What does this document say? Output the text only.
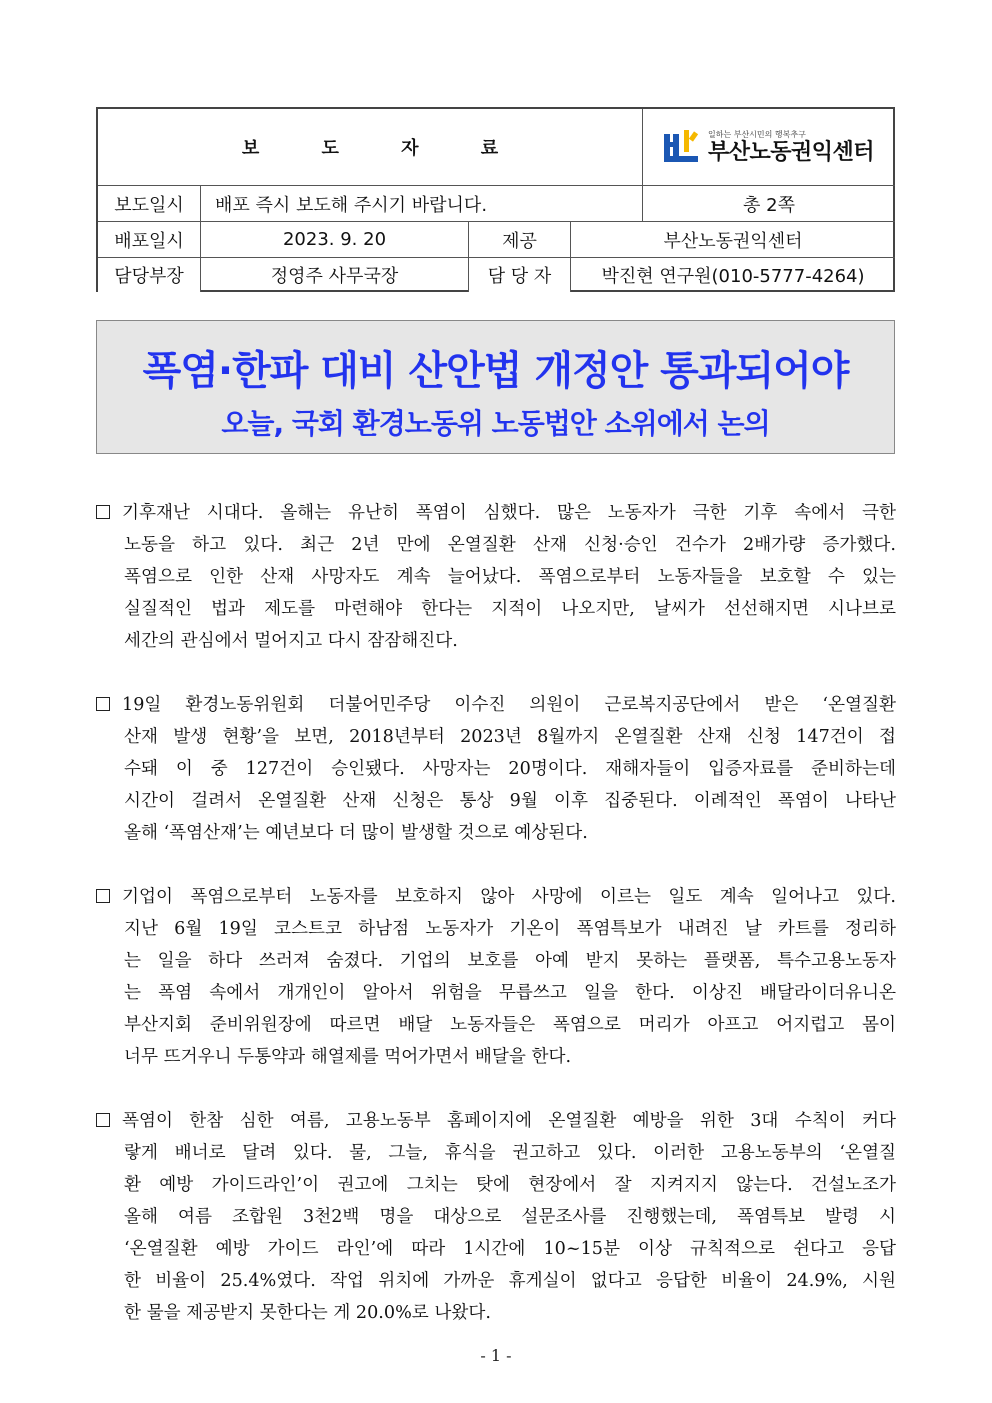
보 도 자 료
일하는 부산시민의 행복추구
부산노동권익센터
보도일시	배포 즉시 보도해 주시기 바랍니다.	총 2쪽
배포일시	2023. 9. 20	제공	부산노동권익센터
담당부장	정영주 사무국장	담 당 자	박진현 연구원(010-5777-4264)
폭염·한파 대비 산안법 개정안 통과되어야
오늘, 국회 환경노동위 노동법안 소위에서 논의
기후재난 시대다. 올해는 유난히 폭염이 심했다. 많은 노동자가 극한 기후 속에서 극한
노동을 하고 있다. 최근 2년 만에 온열질환 산재 신청·승인 건수가 2배가량 증가했다.
폭염으로 인한 산재 사망자도 계속 늘어났다. 폭염으로부터 노동자들을 보호할 수 있는
실질적인 법과 제도를 마련해야 한다는 지적이 나오지만, 날씨가 선선해지면 시나브로
세간의 관심에서 멀어지고 다시 잠잠해진다.
19일 환경노동위원회 더불어민주당 이수진 의원이 근로복지공단에서 받은 ‘온열질환
산재 발생 현황’을 보면, 2018년부터 2023년 8월까지 온열질환 산재 신청 147건이 접
수돼 이 중 127건이 승인됐다. 사망자는 20명이다. 재해자들이 입증자료를 준비하는데
시간이 걸려서 온열질환 산재 신청은 통상 9월 이후 집중된다. 이례적인 폭염이 나타난
올해 ‘폭염산재’는 예년보다 더 많이 발생할 것으로 예상된다.
기업이 폭염으로부터 노동자를 보호하지 않아 사망에 이르는 일도 계속 일어나고 있다.
지난 6월 19일 코스트코 하남점 노동자가 기온이 폭염특보가 내려진 날 카트를 정리하
는 일을 하다 쓰러져 숨졌다. 기업의 보호를 아예 받지 못하는 플랫폼, 특수고용노동자
는 폭염 속에서 개개인이 알아서 위험을 무릅쓰고 일을 한다. 이상진 배달라이더유니온
부산지회 준비위원장에 따르면 배달 노동자들은 폭염으로 머리가 아프고 어지럽고 몸이
너무 뜨거우니 두통약과 해열제를 먹어가면서 배달을 한다.
폭염이 한참 심한 여름, 고용노동부 홈페이지에 온열질환 예방을 위한 3대 수칙이 커다
랗게 배너로 달려 있다. 물, 그늘, 휴식을 권고하고 있다. 이러한 고용노동부의 ‘온열질
환 예방 가이드라인’이 권고에 그치는 탓에 현장에서 잘 지켜지지 않는다. 건설노조가
올해 여름 조합원 3천2백 명을 대상으로 설문조사를 진행했는데, 폭염특보 발령 시
‘온열질환 예방 가이드 라인’에 따라 1시간에 10~15분 이상 규칙적으로 쉰다고 응답
한 비율이 25.4%였다. 작업 위치에 가까운 휴게실이 없다고 응답한 비율이 24.9%, 시원
한 물을 제공받지 못한다는 게 20.0%로 나왔다.
- 1 -
